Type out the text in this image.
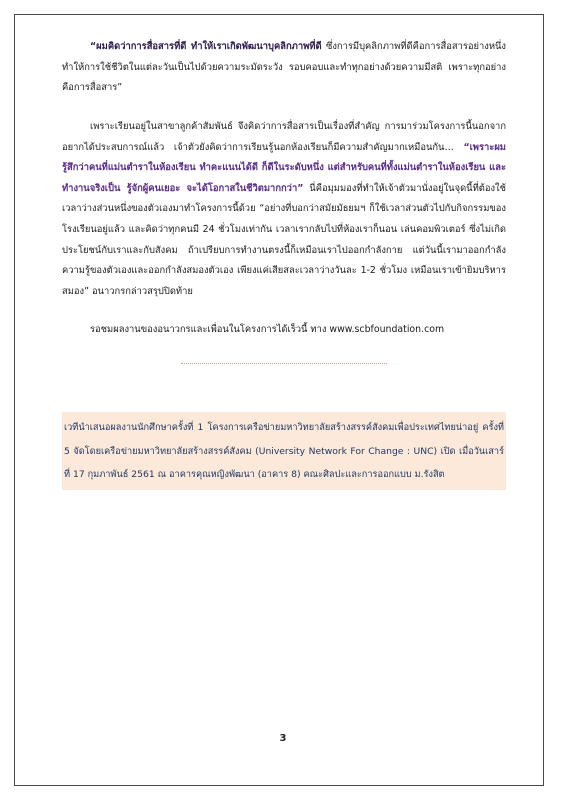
“ผมคิดว่าการสื่อสารที่ดี ทำให้เราเกิดพัฒนาบุคลิกภาพที่ดี ซึ่งการมีบุคลิกภาพที่ดีคือการสื่อสารอย่างหนึ่ง ทำให้การใช้ชีวิตในแต่ละวันเป็นไปด้วยความระมัดระวัง รอบคอบและทำทุกอย่างด้วยความมีสติ เพราะทุกอย่างคือการสื่อสาร”

เพราะเรียนอยู่ในสาขาลูกค้าสัมพันธ์ จึงคิดว่าการสื่อสารเป็นเรื่องที่สำคัญ การมาร่วมโครงการนี้นอกจากอยากได้ประสบการณ์แล้ว เจ้าตัวยังคิดว่าการเรียนรู้นอกห้องเรียนก็มีความสำคัญมากเหมือนกัน… “เพราะผมรู้สึกว่าคนที่แม่นตำราในห้องเรียน ทำคะแนนได้ดี ก็ดีในระดับหนึ่ง แต่สำหรับคนที่ทั้งแม่นตำราในห้องเรียน และทำงานจริงเป็น รู้จักผู้คนเยอะ จะได้โอกาสในชีวิตมากกว่า” นี่คือมุมมองที่ทำให้เจ้าตัวมานั่งอยู่ในจุดนี้ที่ต้องใช้เวลาว่างส่วนหนึ่งของตัวเองมาทำโครงการนี้ด้วย “อย่างที่บอกว่าสมัยมัธยมฯ ก็ใช้เวลาส่วนตัวไปกับกิจกรรมของโรงเรียนอยู่แล้ว และคิดว่าทุกคนมี 24 ชั่วโมงเท่ากัน เวลาเรากลับไปที่ห้องเราก็นอน เล่นคอมพิวเตอร์ ซึ่งไม่เกิดประโยชน์กับเราและกับสังคม ถ้าเปรียบการทำงานตรงนี้ก็เหมือนเราไปออกกำลังกาย แต่วันนี้เรามาออกกำลังความรู้ของตัวเองและออกกำลังสมองตัวเอง เพียงแค่เสียสละเวลาว่างวันละ 1-2 ชั่วโมง เหมือนเราเข้ายิมบริหารสมอง” อนาวกรกล่าวสรุปปิดท้าย

รอชมผลงานของอนาวกรและเพื่อนในโครงการได้เร็วนี้ ทาง www.scbfoundation.com

เวทีนำเสนอผลงานนักศึกษาครั้งที่ 1 โครงการเครือข่ายมหาวิทยาลัยสร้างสรรค์สังคมเพื่อประเทศไทยน่าอยู่ ครั้งที่ 5 จัดโดยเครือข่ายมหาวิทยาลัยสร้างสรรค์สังคม (University Network For Change : UNC) เปิด เมื่อวันเสาร์ที่ 17 กุมภาพันธ์ 2561 ณ อาคารคุณหญิงพัฒนา (อาคาร 8) คณะศิลปะและการออกแบบ ม.รังสิต
3
